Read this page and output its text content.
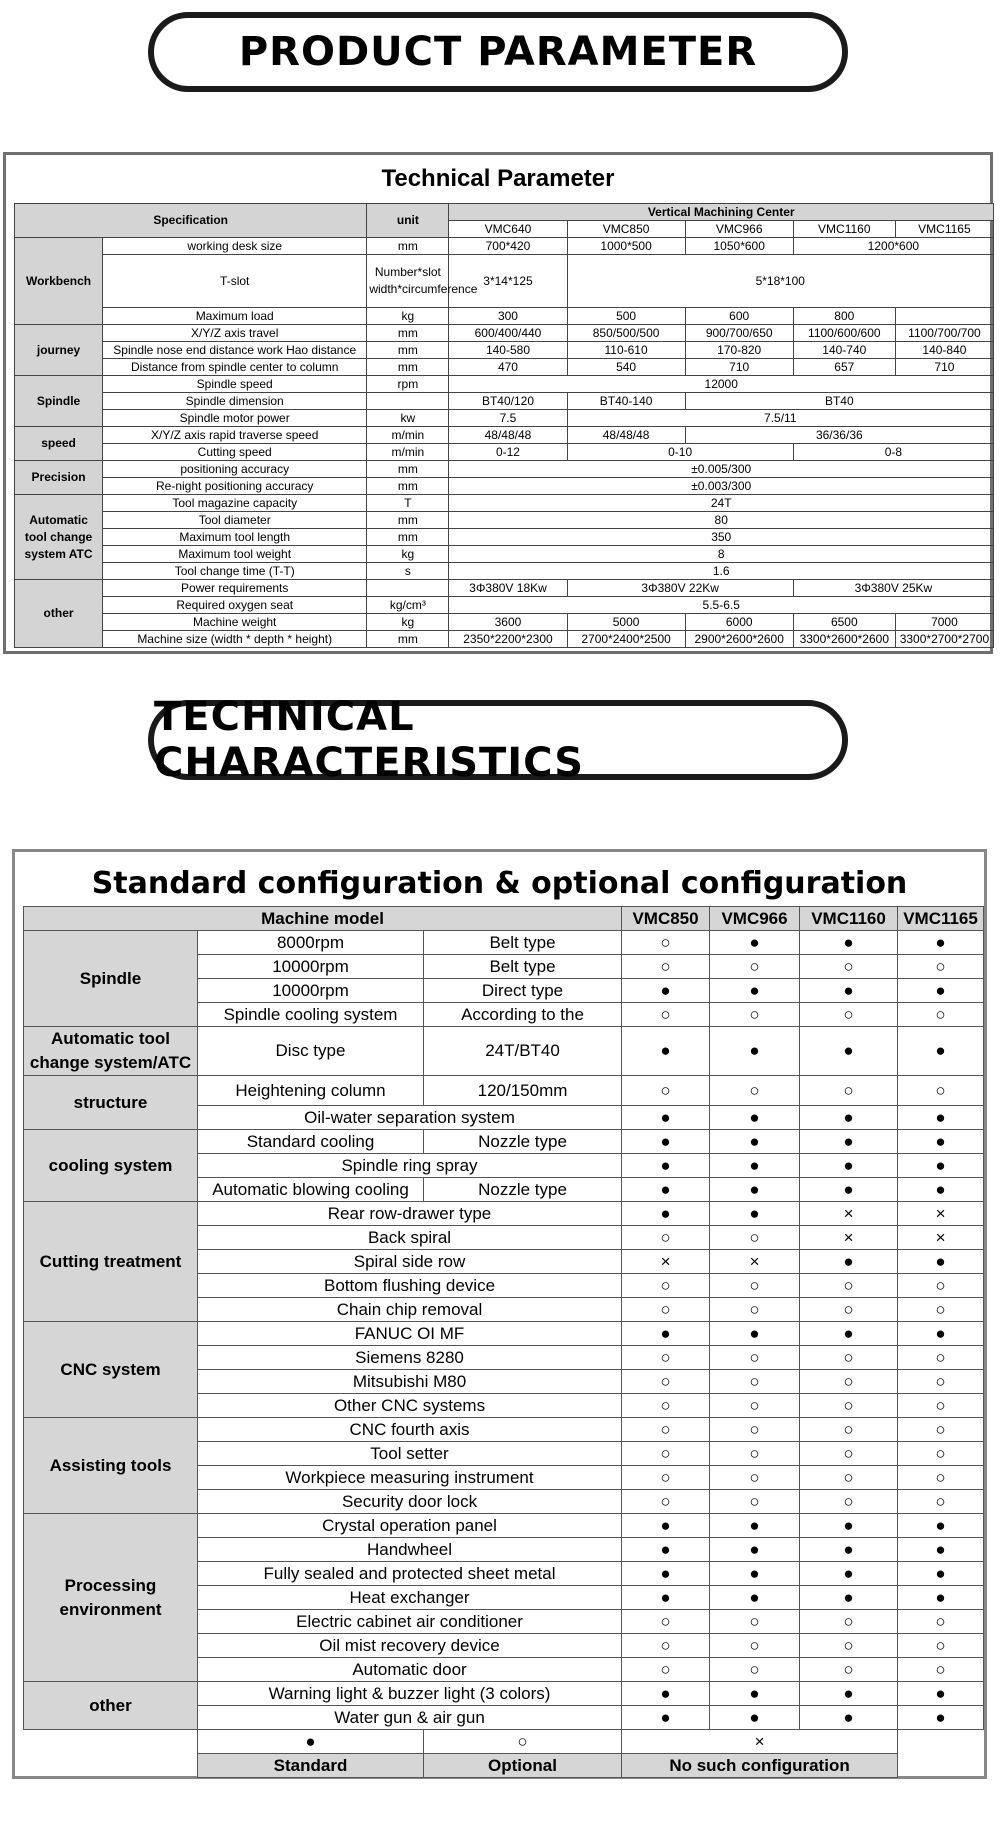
PRODUCT PARAMETER
Technical Parameter
Specification		unit	Vertical Machining Center				
			VMC640	VMC850	VMC966	VMC1160	VMC1165
Workbench	working desk size	mm	700*420	1000*500	1050*600	1200*600	
	T-slot	Number*slot width*circumference	3*14*125	5*18*100			
	Maximum load	kg	300	500	600	800	
journey	X/Y/Z axis travel	mm	600/400/440	850/500/500	900/700/650	1100/600/600	1100/700/700
	Spindle nose end distance work Hao distance	mm	140-580	110-610	170-820	140-740	140-840
	Distance from spindle center to column	mm	470	540	710	657	710
Spindle	Spindle speed	rpm	12000				
	Spindle dimension		BT40/120	BT40-140	BT40		
	Spindle motor power	kw	7.5	7.5/11			
speed	X/Y/Z axis rapid traverse speed	m/min	48/48/48	48/48/48	36/36/36		
	Cutting speed	m/min	0-12	0-10		0-8	
Precision	positioning accuracy	mm	±0.005/300				
	Re-night positioning accuracy	mm	±0.003/300				
Automatic tool change system ATC	Tool magazine capacity	T	24T				
	Tool diameter	mm	80				
	Maximum tool length	mm	350				
	Maximum tool weight	kg	8				
	Tool change time (T-T)	s	1.6				
other	Power requirements		3Φ380V 18Kw	3Φ380V 22Kw		3Φ380V 25Kw	
	Required oxygen seat	kg/cm³	5.5-6.5				
	Machine weight	kg	3600	5000	6000	6500	7000
	Machine size (width * depth * height)	mm	2350*2200*2300	2700*2400*2500	2900*2600*2600	3300*2600*2600	3300*2700*2700
TECHNICAL CHARACTERISTICS
Standard configuration & optional configuration
Machine model			VMC850	VMC966	VMC1160	VMC1165
Spindle	8000rpm	Belt type	○	●	●	●
	10000rpm	Belt type	○	○	○	○
	10000rpm	Direct type	●	●	●	●
	Spindle cooling system	According to the	○	○	○	○
Automatic tool change system/ATC	Disc type	24T/BT40	●	●	●	●
structure	Heightening column	120/150mm	○	○	○	○
	Oil-water separation system		●	●	●	●
cooling system	Standard cooling	Nozzle type	●	●	●	●
	Spindle ring spray		●	●	●	●
	Automatic blowing cooling	Nozzle type	●	●	●	●
Cutting treatment	Rear row-drawer type		●	●	×	×
	Back spiral		○	○	×	×
	Spiral side row		×	×	●	●
	Bottom flushing device		○	○	○	○
	Chain chip removal		○	○	○	○
CNC system	FANUC OI MF		●	●	●	●
	Siemens 8280		○	○	○	○
	Mitsubishi M80		○	○	○	○
	Other CNC systems		○	○	○	○
Assisting tools	CNC fourth axis		○	○	○	○
	Tool setter		○	○	○	○
	Workpiece measuring instrument		○	○	○	○
	Security door lock		○	○	○	○
Processing environment	Crystal operation panel		●	●	●	●
	Handwheel		●	●	●	●
	Fully sealed and protected sheet metal		●	●	●	●
	Heat exchanger		●	●	●	●
	Electric cabinet air conditioner		○	○	○	○
	Oil mist recovery device		○	○	○	○
	Automatic door		○	○	○	○
other	Warning light & buzzer light (3 colors)		●	●	●	●
	Water gun & air gun		●	●	●	●
	●	○	×			
	Standard	Optional	No such configuration			
